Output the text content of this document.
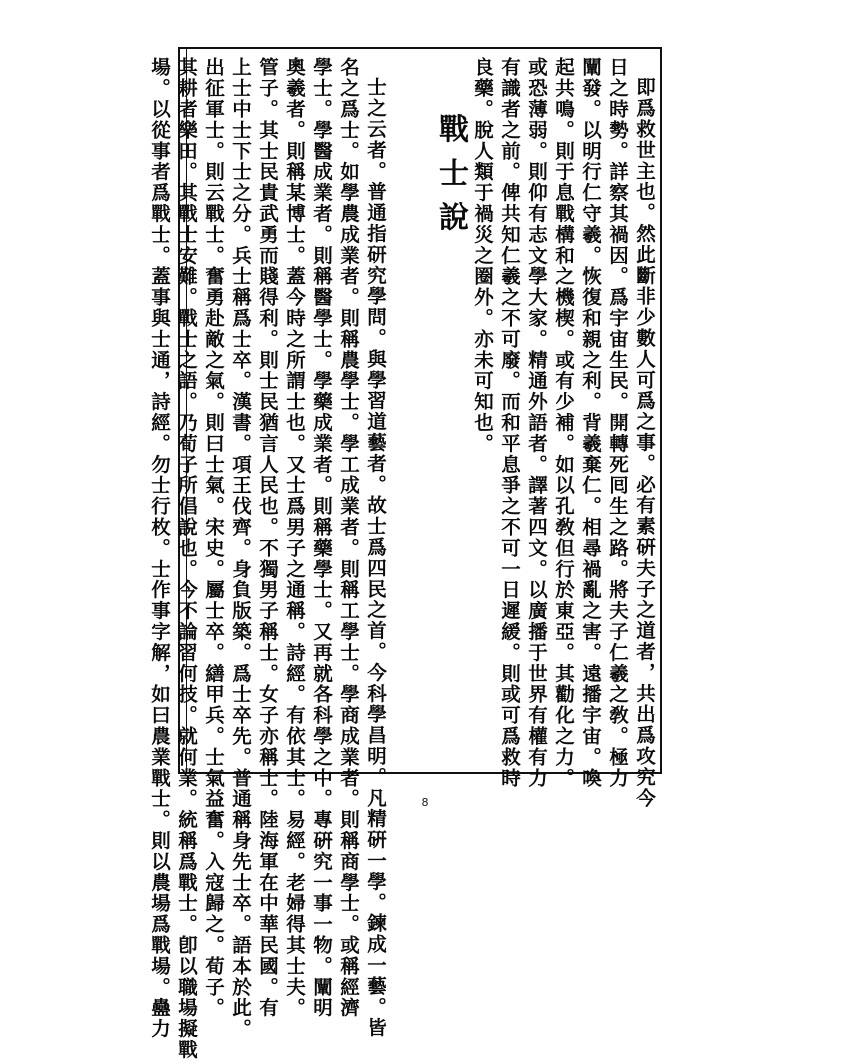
即爲救世主也。然此斷非少數人可爲之事。必有素硏夫子之道者，共出爲攻究今
日之時勢。詳察其禍因。爲宇宙生民。開轉死囘生之路。將夫子仁羲之敎。極力
闡發。以明行仁守羲。恢復和親之利。背羲棄仁。相尋禍亂之害。遠播宇宙。喚
起共鳴。則于息戰構和之機楔。或有少補。如以孔敎但行於東亞。其勸化之力。
或恐薄弱。則仰有志文學大家。精通外語者。譯著四文。以廣播于世界有權有力
有識者之前。俾共知仁羲之不可廢。而和平息爭之不可一日遲緩。則或可爲救時
良藥。脫人類于禍災之圈外。亦未可知也。
戰士說
士之云者。普通指研究學問。與學習道藝者。故士爲四民之首。今科學昌明。凡精硏一學。鍊成一藝。皆
名之爲士。如學農成業者。則稱農學士。學工成業者。則稱工學士。學商成業者。則稱商學士。或稱經濟
學士。學醫成業者。則稱醫學士。學藥成業者。則稱藥學士。又再就各科學之中。專硏究一事一物。闡明
奧羲者。則稱某博士。蓋今時之所謂士也。又士爲男子之通稱。詩經。有依其士。易經。老婦得其士夫。
管子。其士民貴武勇而賤得利。則士民猶言人民也。不獨男子稱士。女子亦稱士。陸海軍在中華民國。有
上士中士下士之分。兵士稱爲士卒。漢書。項王伐齊。身負版築。爲士卒先。普通稱身先士卒。語本於此。
出征軍士。則云戰士。奮勇赴敵之氣。則曰士氣。宋史。屬士卒。繕甲兵。士氣益奮。入寇歸之。荀子。
其耕者樂田。其戰士安難。戰士之語。乃荀子所倡說也。今不論習何技。就何業。統稱爲戰士。卽以職場擬戰
場。以從事者爲戰士。蓋事與士通，詩經。勿士行枚。士作事字解，如曰農業戰士。則以農場爲戰場。蠱力	8
